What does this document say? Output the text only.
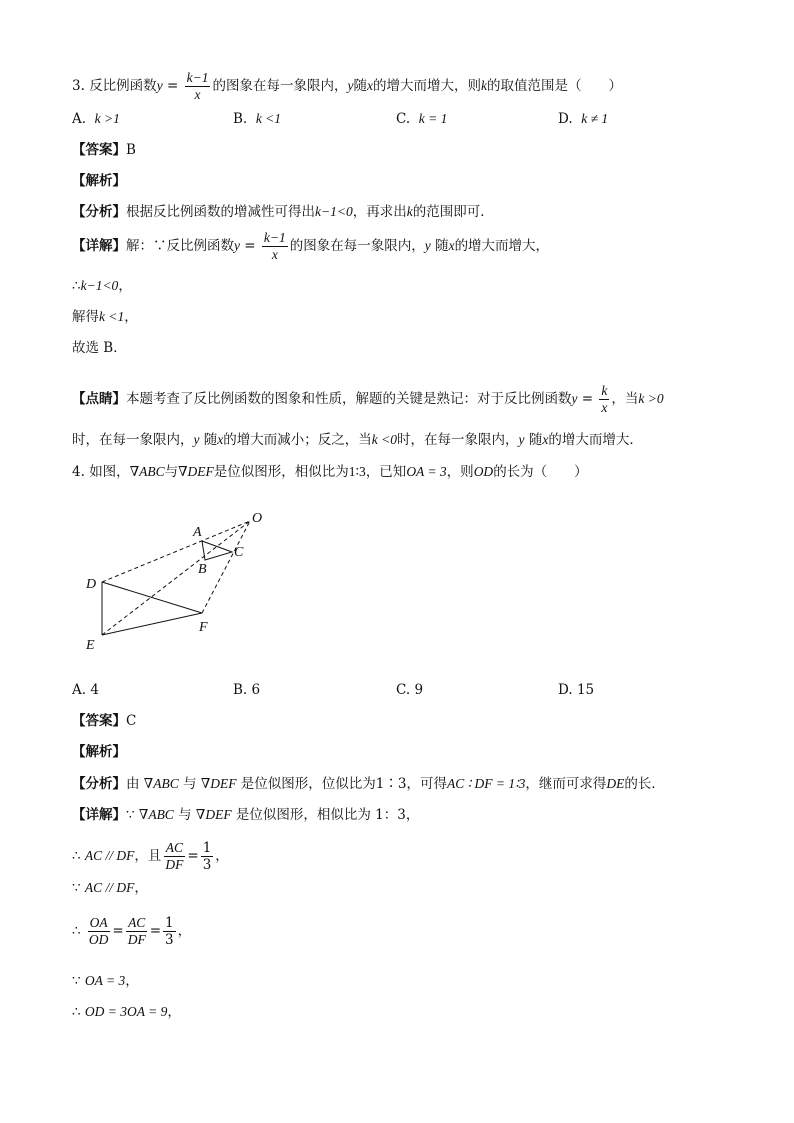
3. 反比例函数$y = \frac{k-1}{x}$ 的图象在每一象限内，y随x的增大而增大，则k的取值范围是（　　）
A. k >1	B. k <1	C. k = 1	D. k ≠ 1
【答案】B
【解析】
【分析】根据反比例函数的增减性可得出k−1<0，再求出k的范围即可．
【详解】解：∵反比例函数$y = \frac{k-1}{x}$ 的图象在每一象限内，y 随x的增大而增大，
∴k−1<0，
解得k <1，
故选 B．
【点睛】本题考查了反比例函数的图象和性质，解题的关键是熟记：对于反比例函数$y = \frac{k}{x}$ ，当k >0
时，在每一象限内，y 随x的增大而减小；反之，当k <0时，在每一象限内，y 随x的增大而增大．
4. 如图，∇ABC与∇DEF是位似图形，相似比为1∶3，已知OA = 3，则OD的长为（　　）
O
A
B
C
D
E
F
A. 4	B. 6	C. 9	D. 15
【答案】C
【解析】
【分析】由 ∇ABC 与 ∇DEF 是位似图形，位似比为1∶3，可得AC ∶ DF = 1∶3，继而可求得DE的长．
【详解】∵ ∇ABC 与 ∇DEF 是位似图形，相似比为 1：3，
∴ AC // DF，且 $\frac{AC}{DF} = \frac{1}{3}$ ，
∵ AC // DF，
∴ $\frac{OA}{OD} = \frac{AC}{DF} = \frac{1}{3}$ ，
∵ OA = 3，
∴ OD = 3OA = 9，
